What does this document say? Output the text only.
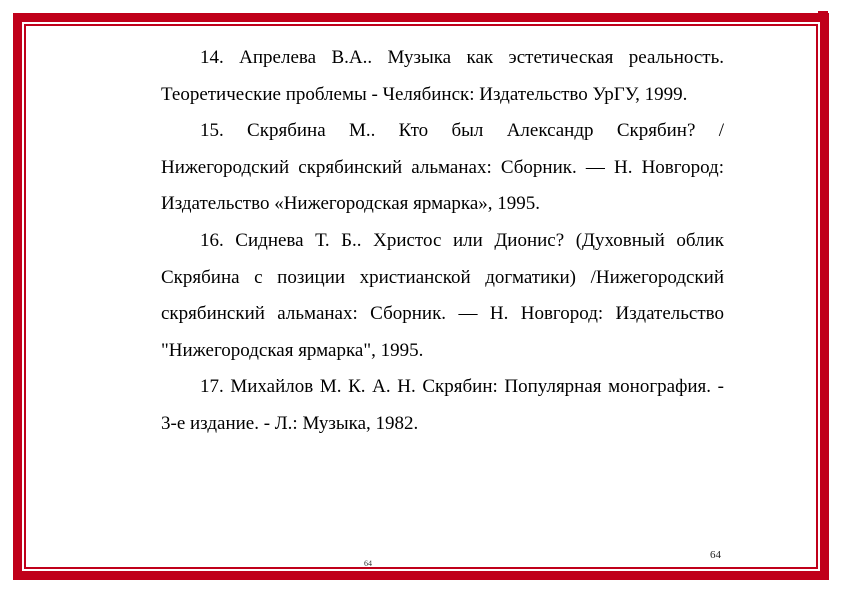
14. Апрелева В.А.. Музыка как эстетическая реальность. Теоретические проблемы - Челябинск: Издательство УрГУ, 1999.

15. Скрябина М.. Кто был Александр Скрябин? / Нижегородский скрябинский альманах: Сборник. — Н. Новгород: Издательство «Нижегородская ярмарка», 1995.

16. Сиднева Т. Б.. Христос или Дионис? (Духовный облик Скрябина с позиции христианской догматики) /Нижегородский скрябинский альманах: Сборник. — Н. Новгород: Издательство "Нижегородская ярмарка", 1995.

17. Михайлов М. К. А. Н. Скрябин: Популярная монография. - 3-е издание. - Л.: Музыка, 1982.

64
64
